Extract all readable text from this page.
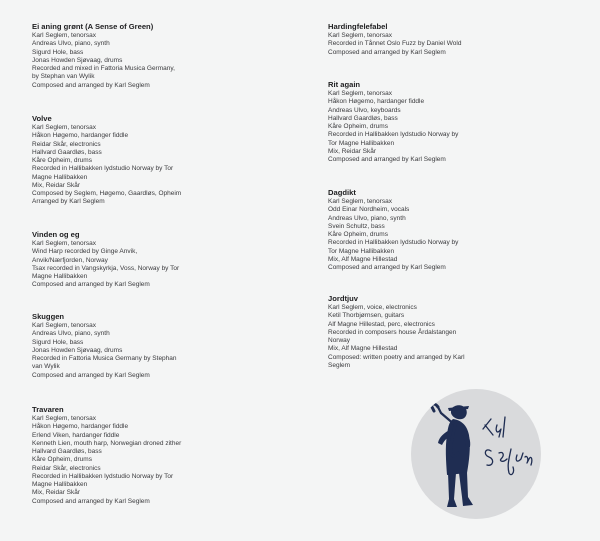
Ei aning grønt (A Sense of Green)

Karl Seglem, tenorsax

Andreas Ulvo, piano, synth

Sigurd Hole, bass

Jonas Howden Sjøvaag, drums

Recorded and mixed in Fattoria Musica Germany,

by Stephan van Wylik

Composed and arranged by Karl Seglem

Volve

Karl Seglem, tenorsax

Håkon Høgemo, hardanger fiddle

Reidar Skår, electronics

Hallvard Gaardløs, bass

Kåre Opheim, drums

Recorded in Hallibakken lydstudio Norway by Tor

Magne Hallibakken

Mix, Reidar Skår

Composed by Seglem, Høgemo, Gaardløs, Opheim

Arranged by Karl Seglem

Vinden og eg

Karl Seglem, tenorsax

Wind Harp recorded by Ginge Anvik,

Anvik/Nærfjorden, Norway

Tsax recorded in Vangskyrkja, Voss, Norway by Tor

Magne Hallibakken

Composed and arranged by Karl Seglem

Skuggen

Karl Seglem, tenorsax

Andreas Ulvo, piano, synth

Sigurd Hole, bass

Jonas Howden Sjøvaag, drums

Recorded in Fattoria Musica Germany by Stephan

van Wylik

Composed and arranged by Karl Seglem

Travaren

Karl Seglem, tenorsax

Håkon Høgemo, hardanger fiddle

Erlend Viken, hardanger fiddle

Kenneth Lien, mouth harp, Norwegian droned zither

Hallvard Gaardløs, bass

Kåre Opheim, drums

Reidar Skår, electronics

Recorded in Hallibakken lydstudio Norway by Tor

Magne Hallibakken

Mix, Reidar Skår

Composed and arranged by Karl Seglem

Hardingfelefabel

Karl Seglem, tenorsax

Recorded in Tånnet Oslo Fuzz by Daniel Wold

Composed and arranged by Karl Seglem

Rit again

Karl Seglem, tenorsax

Håkon Høgemo, hardanger fiddle

Andreas Ulvo, keyboards

Hallvard Gaardløs, bass

Kåre Opheim, drums

Recorded in Hallibakken lydstudio Norway by

Tor Magne Hallibakken

Mix, Reidar Skår

Composed and arranged by Karl Seglem

Dagdikt

Karl Seglem, tenorsax

Odd Einar Nordheim, vocals

Andreas Ulvo, piano, synth

Svein Schultz, bass

Kåre Opheim, drums

Recorded in Hallibakken lydstudio Norway by

Tor Magne Hallibakken

Mix, Alf Magne Hillestad

Composed and arranged by Karl Seglem

Jordtjuv

Karl Seglem, voice, electronics

Ketil Thorbjørnsen, guitars

Alf Magne Hillestad, perc, electronics

Recorded in composers house Årdalstangen

Norway

Mix, Alf Magne Hillestad

Composed: written poetry and arranged by Karl

Seglem
